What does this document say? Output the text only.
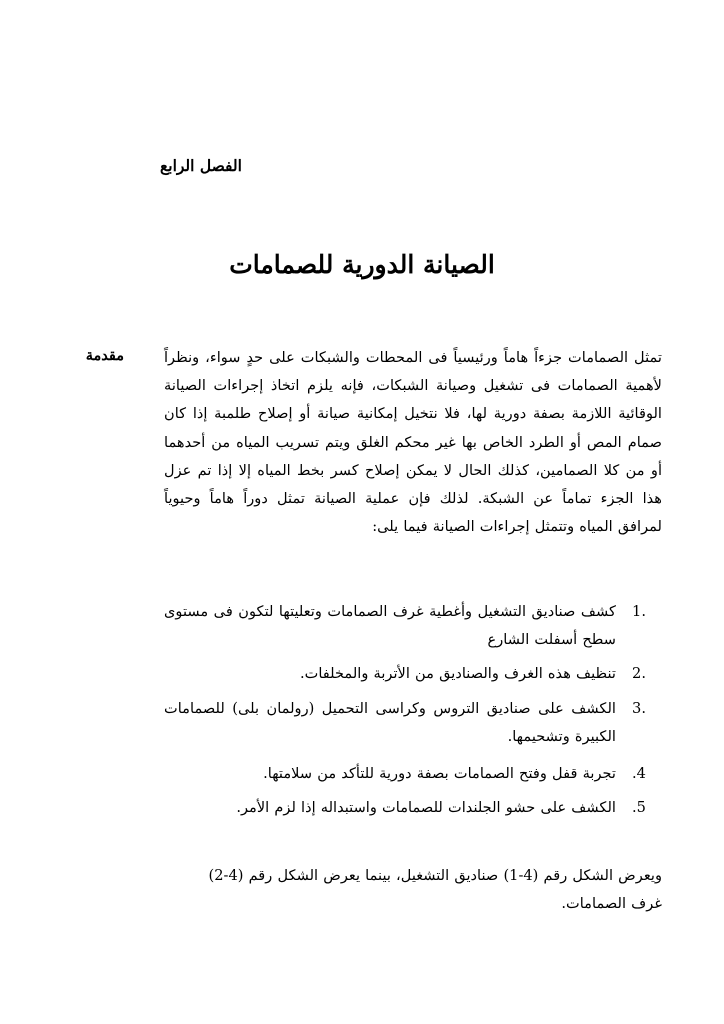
الفصل الرابع
الصيانة الدورية للصمامات
مقدمة	تمثل الصمامات جزءاً هاماً ورئيسياً فى المحطات والشبكات على حدٍ سواء، ونظراً لأهمية الصمامات فى تشغيل وصيانة الشبكات، فإنه يلزم اتخاذ إجراءات الصيانة الوقائية اللازمة بصفة دورية لها، فلا نتخيل إمكانية صيانة أو إصلاح طلمبة إذا كان صمام المص أو الطرد الخاص بها غير محكم الغلق ويتم تسريب المياه من أحدهما أو من كلا الصمامين، كذلك الحال لا يمكن إصلاح كسر بخط المياه إلا إذا تم عزل هذا الجزء تماماً عن الشبكة. لذلك فإن عملية الصيانة تمثل دوراً هاماً وحيوياً لمرافق المياه وتتمثل إجراءات الصيانة فيما يلى:

1.
كشف صناديق التشغيل وأغطية غرف الصمامات وتعليتها لتكون فى مستوى سطح أسفلت الشارع
2.
تنظيف هذه الغرف والصناديق من الأتربة والمخلفات.
3.
الكشف على صناديق التروس وكراسى التحميل (رولمان بلى) للصمامات الكبيرة وتشحيمها.
.4
تجربة قفل وفتح الصمامات بصفة دورية للتأكد من سلامتها.
.5
الكشف على حشو الجلندات للصمامات واستبداله إذا لزم الأمر.

ويعرض الشكل رقم (4-1) صناديق التشغيل، بينما يعرض الشكل رقم (4-2)
غرف الصمامات.
